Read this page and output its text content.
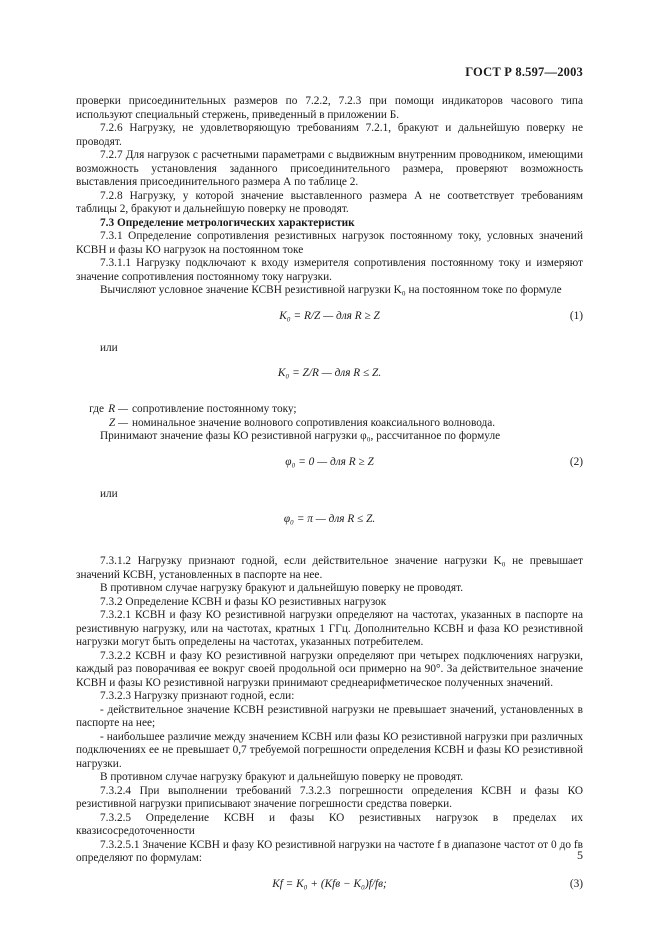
ГОСТ Р 8.597—2003

проверки присоединительных размеров по 7.2.2, 7.2.3 при помощи индикаторов часового типа используют специальный стержень, приведенный в приложении Б.

7.2.6 Нагрузку, не удовлетворяющую требованиям 7.2.1, бракуют и дальнейшую поверку не проводят.

7.2.7 Для нагрузок с расчетными параметрами с выдвижным внутренним проводником, имеющими возможность установления заданного присоединительного размера, проверяют возможность выставления присоединительного размера А по таблице 2.

7.2.8 Нагрузку, у которой значение выставленного размера А не соответствует требованиям таблицы 2, бракуют и дальнейшую поверку не проводят.

7.3 Определение метрологических характеристик

7.3.1 Определение сопротивления резистивных нагрузок постоянному току, условных значений КСВН и фазы КО нагрузок на постоянном токе

7.3.1.1 Нагрузку подключают к входу измерителя сопротивления постоянному току и измеряют значение сопротивления постоянному току нагрузки.

Вычисляют условное значение КСВН резистивной нагрузки K₀ на постоянном токе по формуле

K₀ = R/Z — для R ≥ Z	(1)

или

K₀ = Z/R — для R ≤ Z.
где R — сопротивление постоянному току;
Z — номинальное значение волнового сопротивления коаксиального волновода.

Принимают значение фазы КО резистивной нагрузки φ₀, рассчитанное по формуле

φ₀ = 0 — для R ≥ Z	(2)

или

φ₀ = π — для R ≤ Z.

7.3.1.2 Нагрузку признают годной, если действительное значение нагрузки K₀ не превышает значений КСВН, установленных в паспорте на нее.

В противном случае нагрузку бракуют и дальнейшую поверку не проводят.

7.3.2 Определение КСВН и фазы КО резистивных нагрузок

7.3.2.1 КСВН и фазу КО резистивной нагрузки определяют на частотах, указанных в паспорте на резистивную нагрузку, или на частотах, кратных 1 ГГц. Дополнительно КСВН и фаза КО резистивной нагрузки могут быть определены на частотах, указанных потребителем.

7.3.2.2 КСВН и фазу КО резистивной нагрузки определяют при четырех подключениях нагрузки, каждый раз поворачивая ее вокруг своей продольной оси примерно на 90°. За действительное значение КСВН и фазы КО резистивной нагрузки принимают среднеарифметическое полученных значений.

7.3.2.3 Нагрузку признают годной, если:

- действительное значение КСВН резистивной нагрузки не превышает значений, установленных в паспорте на нее;

- наибольшее различие между значением КСВН или фазы КО резистивной нагрузки при различных подключениях ее не превышает 0,7 требуемой погрешности определения КСВН и фазы КО резистивной нагрузки.

В противном случае нагрузку бракуют и дальнейшую поверку не проводят.

7.3.2.4 При выполнении требований 7.3.2.3 погрешности определения КСВН и фазы КО резистивной нагрузки приписывают значение погрешности средства поверки.

7.3.2.5 Определение КСВН и фазы КО резистивных нагрузок в пределах их квазисосредоточенности

7.3.2.5.1 Значение КСВН и фазу КО резистивной нагрузки на частоте f в диапазоне частот от 0 до fв определяют по формулам:

Kf = K₀ + (Kfв − K₀)f/fв;	(3)
5
